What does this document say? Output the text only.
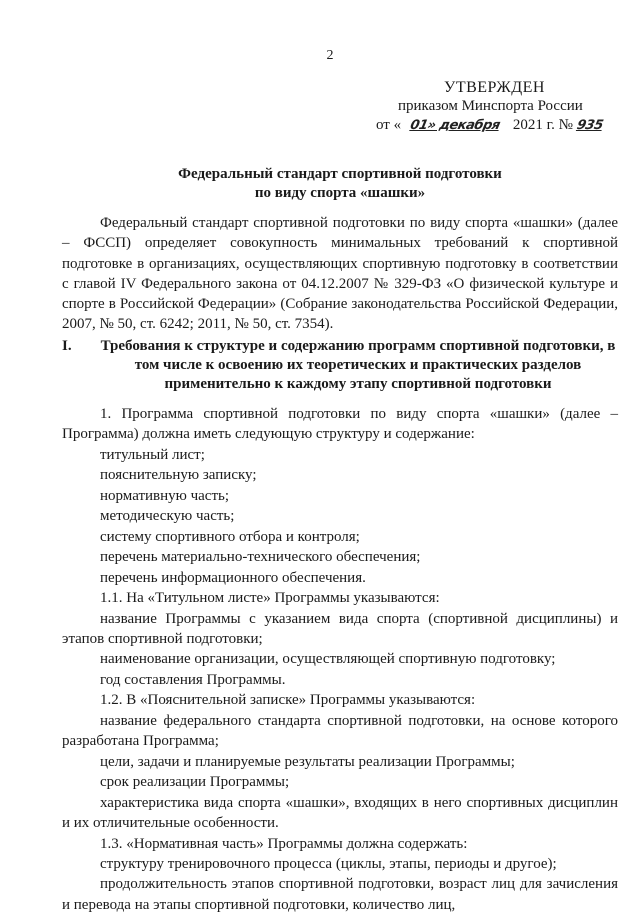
2
УТВЕРЖДЕН
приказом Минспорта России
от « 01» декабря 2021 г. № 935
Федеральный стандарт спортивной подготовки
по виду спорта «шашки»
Федеральный стандарт спортивной подготовки по виду спорта «шашки» (далее – ФССП) определяет совокупность минимальных требований к спортивной подготовке в организациях, осуществляющих спортивную подготовку в соответствии с главой IV Федерального закона от 04.12.2007 № 329-ФЗ «О физической культуре и спорте в Российской Федерации» (Собрание законодательства Российской Федерации, 2007, № 50, ст. 6242; 2011, № 50, ст. 7354).
I. Требования к структуре и содержанию программ спортивной подготовки, в том числе к освоению их теоретических и практических разделов применительно к каждому этапу спортивной подготовки

1. Программа спортивной подготовки по виду спорта «шашки» (далее – Программа) должна иметь следующую структуру и содержание:

титульный лист;

пояснительную записку;

нормативную часть;

методическую часть;

систему спортивного отбора и контроля;

перечень материально-технического обеспечения;

перечень информационного обеспечения.

1.1. На «Титульном листе» Программы указываются:

название Программы с указанием вида спорта (спортивной дисциплины) и этапов спортивной подготовки;

наименование организации, осуществляющей спортивную подготовку;

год составления Программы.

1.2. В «Пояснительной записке» Программы указываются:

название федерального стандарта спортивной подготовки, на основе которого разработана Программа;

цели, задачи и планируемые результаты реализации Программы;

срок реализации Программы;

характеристика вида спорта «шашки», входящих в него спортивных дисциплин и их отличительные особенности.

1.3. «Нормативная часть» Программы должна содержать:

структуру тренировочного процесса (циклы, этапы, периоды и другое);

продолжительность этапов спортивной подготовки, возраст лиц для зачисления и перевода на этапы спортивной подготовки, количество лиц,
